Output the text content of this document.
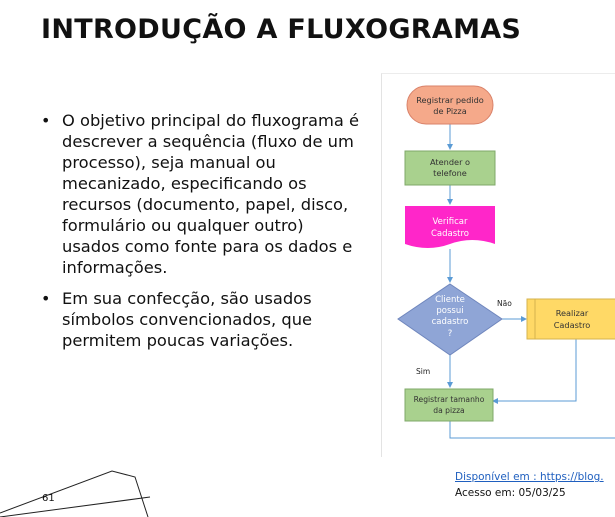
INTRODUÇÃO A FLUXOGRAMAS
• O objetivo principal do fluxograma é descrever a sequência (fluxo de um processo), seja manual ou mecanizado, especificando os recursos (documento, papel, disco, formulário ou qualquer outro) usados como fonte para os dados e informações.
• Em sua confecção, são usados símbolos convencionados, que permitem poucas variações.
Registrar pedido
de Pizza
Atender o
telefone
Verificar
Cadastro
Cliente
possui
cadastro
?
Não
Sim
Realizar
Cadastro
Registrar tamanho
da pizza
Disponível em : https://blog.
Acesso em: 05/03/25
61
